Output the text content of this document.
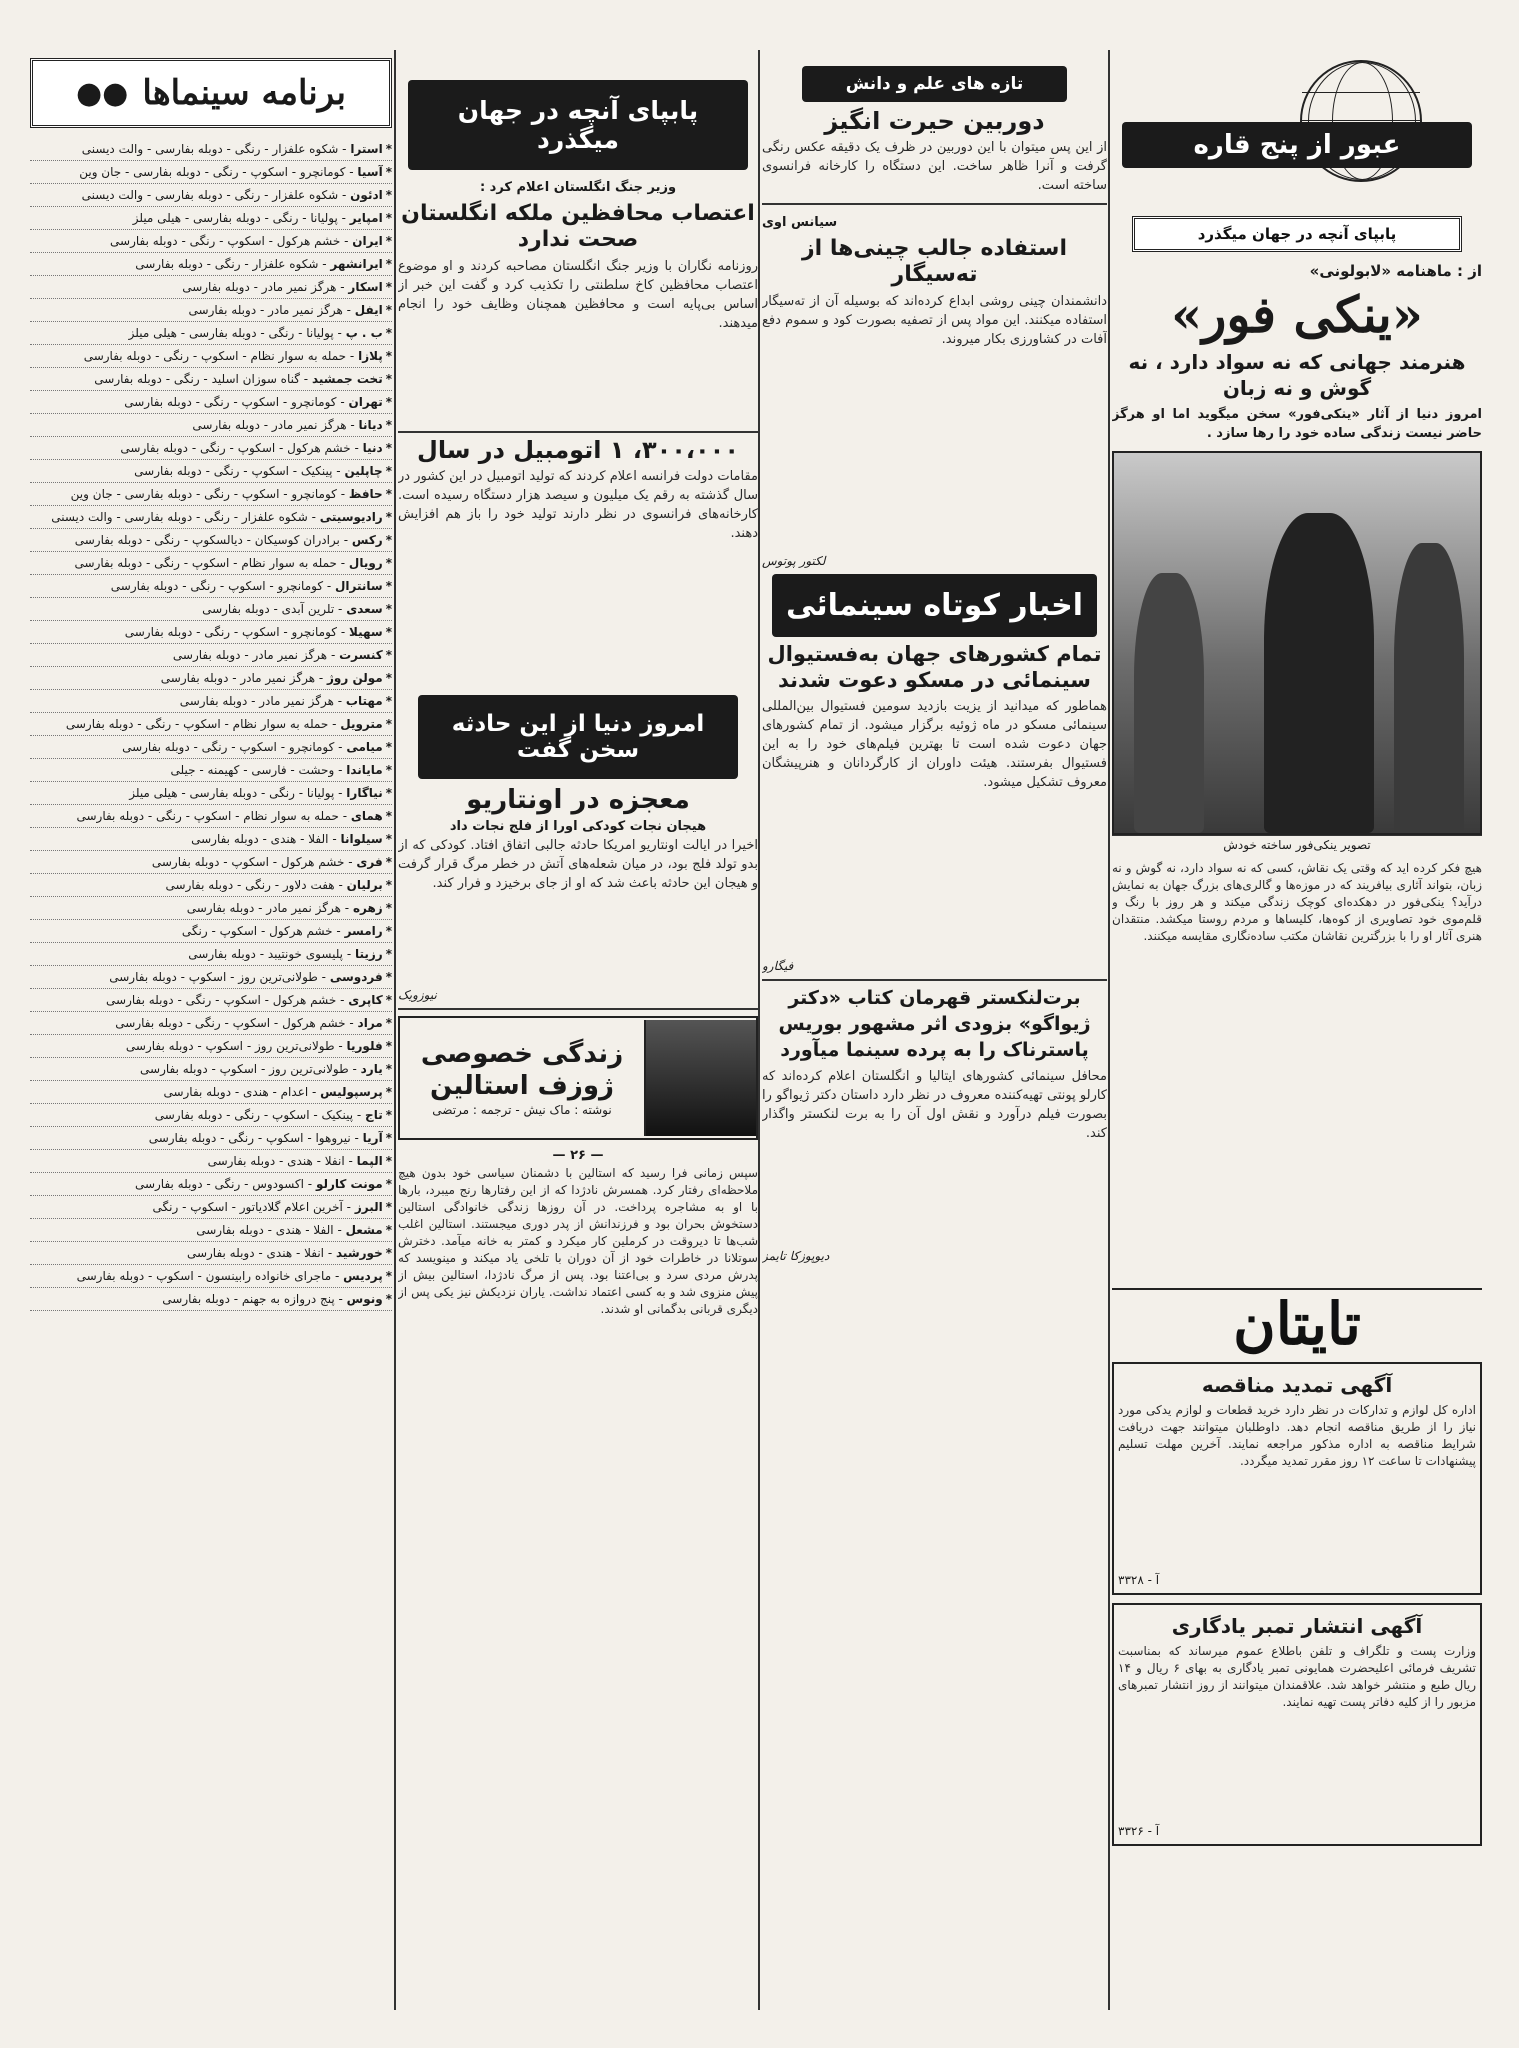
عبور از پنج قاره
پابپای آنچه در جهان میگذرد
از : ماهنامه «لابولونی»
«ینکی فور»
هنرمند جهانی که نه سواد دارد ، نه گوش و نه زبان
امروز دنیا از آثار «ینکی‌فور» سخن میگوید اما او هرگز حاضر نیست زندگی ساده خود را رها سازد .
تصویر ینکی‌فور ساخته خودش
هیچ فکر کرده اید که وقتی یک نقاش، کسی که نه سواد دارد، نه گوش و نه زبان، بتواند آثاری بیافریند که در موزه‌ها و گالری‌های بزرگ جهان به نمایش درآید؟ ینکی‌فور در دهکده‌ای کوچک زندگی میکند و هر روز با رنگ و قلم‌موی خود تصاویری از کوه‌ها، کلیساها و مردم روستا میکشد. منتقدان هنری آثار او را با بزرگترین نقاشان مکتب ساده‌نگاری مقایسه میکنند.
تایتان
آگهی تمدید مناقصه
اداره کل لوازم و تدارکات در نظر دارد خرید قطعات و لوازم یدکی مورد نیاز را از طریق مناقصه انجام دهد. داوطلبان میتوانند جهت دریافت شرایط مناقصه به اداره مذکور مراجعه نمایند. آخرین مهلت تسلیم پیشنهادات تا ساعت ۱۲ روز مقرر تمدید میگردد.
آ - ۳۳۲۸
آگهی انتشار تمبر یادگاری
وزارت پست و تلگراف و تلفن باطلاع عموم میرساند که بمناسبت تشریف فرمائی اعلیحضرت همایونی تمبر یادگاری به بهای ۶ ریال و ۱۴ ریال طبع و منتشر خواهد شد. علاقمندان میتوانند از روز انتشار تمبرهای مزبور را از کلیه دفاتر پست تهیه نمایند.
آ - ۳۳۲۶
تازه های علم و دانش
دوربین حیرت انگیز
از این پس میتوان با این دوربین در ظرف یک دقیقه عکس رنگی گرفت و آنرا ظاهر ساخت. این دستگاه را کارخانه فرانسوی ساخته است.
سیانس اوی
استفاده جالب چینی‌ها از ته‌سیگار
دانشمندان چینی روشی ابداع کرده‌اند که بوسیله آن از ته‌سیگار استفاده میکنند. این مواد پس از تصفیه بصورت کود و سموم دفع آفات در کشاورزی بکار میروند.
لکتور پوتوس
اخبار کوتاه سینمائی
تمام کشورهای جهان به‌فستیوال سینمائی در مسکو دعوت شدند
هماطور که میدانید از یزیت بازدید سومین فستیوال بین‌المللی سینمائی مسکو در ماه ژوئیه برگزار میشود. از تمام کشورهای جهان دعوت شده است تا بهترین فیلم‌های خود را به این فستیوال بفرستند. هیئت داوران از کارگردانان و هنرپیشگان معروف تشکیل میشود.
فیگارو
برت‌لنکستر قهرمان کتاب «دکتر ژیواگو» بزودی اثر مشهور بوریس پاسترناک را به پرده سینما میآورد
محافل سینمائی کشورهای ایتالیا و انگلستان اعلام کرده‌اند که کارلو پونتی تهیه‌کننده معروف در نظر دارد داستان دکتر ژیواگو را بصورت فیلم درآورد و نقش اول آن را به برت لنکستر واگذار کند.
دیوپوزکا تایمز
پابپای آنچه در جهان میگذرد
وزیر جنگ انگلستان اعلام کرد :
اعتصاب محافظین ملکه انگلستان صحت ندارد
روزنامه نگاران با وزیر جنگ انگلستان مصاحبه کردند و او موضوع اعتصاب محافظین کاخ سلطنتی را تکذیب کرد و گفت این خبر از اساس بی‌پایه است و محافظین همچنان وظایف خود را انجام میدهند.
۳۰۰،۰۰۰، ۱ اتومبیل در سال
مقامات دولت فرانسه اعلام کردند که تولید اتومبیل در این کشور در سال گذشته به رقم یک میلیون و سیصد هزار دستگاه رسیده است. کارخانه‌های فرانسوی در نظر دارند تولید خود را باز هم افزایش دهند.
امروز دنیا از این حادثه سخن گفت
معجزه در اونتاریو
هیجان نجات کودکی اورا از فلج نجات داد
اخیرا در ایالت اونتاریو امریکا حادثه جالبی اتفاق افتاد. کودکی که از بدو تولد فلج بود، در میان شعله‌های آتش در خطر مرگ قرار گرفت و هیجان این حادثه باعث شد که او از جای برخیزد و فرار کند.
نیوزویک
زندگی خصوصی ژوزف استالین
نوشته : ماک نیش - ترجمه : مرتضی
— ۲۶ —
سپس زمانی فرا رسید که استالین با دشمنان سیاسی خود بدون هیچ ملاحظه‌ای رفتار کرد. همسرش نادژدا که از این رفتارها رنج میبرد، بارها با او به مشاجره پرداخت. در آن روزها زندگی خانوادگی استالین دستخوش بحران بود و فرزندانش از پدر دوری میجستند. استالین اغلب شب‌ها تا دیروقت در کرملین کار میکرد و کمتر به خانه میآمد. دخترش سوتلانا در خاطرات خود از آن دوران با تلخی یاد میکند و مینویسد که پدرش مردی سرد و بی‌اعتنا بود. پس از مرگ نادژدا، استالین بیش از پیش منزوی شد و به کسی اعتماد نداشت. یاران نزدیکش نیز یکی پس از دیگری قربانی بدگمانی او شدند.
برنامه سینماها
●●
*استرا - شکوه علفزار - رنگی - دوبله بفارسی - والت دیسنی
*آسیا - کومانچرو - اسکوپ - رنگی - دوبله بفارسی - جان وین
*ادئون - شکوه علفزار - رنگی - دوبله بفارسی - والت دیسنی
*امپایر - پولیانا - رنگی - دوبله بفارسی - هیلی میلز
*ایران - خشم هرکول - اسکوپ - رنگی - دوبله بفارسی
*ایرانشهر - شکوه علفزار - رنگی - دوبله بفارسی
*اسکار - هرگز نمیر مادر - دوبله بفارسی
*ایفل - هرگز نمیر مادر - دوبله بفارسی
*ب . پ - پولیانا - رنگی - دوبله بفارسی - هیلی میلز
*پلازا - حمله به سوار نظام - اسکوپ - رنگی - دوبله بفارسی
*تخت جمشید - گناه سوزان اسلید - رنگی - دوبله بفارسی
*تهران - کومانچرو - اسکوپ - رنگی - دوبله بفارسی
*دیانا - هرگز نمیر مادر - دوبله بفارسی
*دنیا - خشم هرکول - اسکوپ - رنگی - دوبله بفارسی
*چاپلین - پینکیک - اسکوپ - رنگی - دوبله بفارسی
*حافظ - کومانچرو - اسکوپ - رنگی - دوبله بفارسی - جان وین
*رادیوسیتی - شکوه علفزار - رنگی - دوبله بفارسی - والت دیسنی
*رکس - برادران کوسیکان - دیالسکوپ - رنگی - دوبله بفارسی
*رویال - حمله به سوار نظام - اسکوپ - رنگی - دوبله بفارسی
*سانترال - کومانچرو - اسکوپ - رنگی - دوبله بفارسی
*سعدی - تلرین آبدی - دوبله بفارسی
*سهیلا - کومانچرو - اسکوپ - رنگی - دوبله بفارسی
*کنسرت - هرگز نمیر مادر - دوبله بفارسی
*مولن روژ - هرگز نمیر مادر - دوبله بفارسی
*مهتاب - هرگز نمیر مادر - دوبله بفارسی
*مترویل - حمله به سوار نظام - اسکوپ - رنگی - دوبله بفارسی
*میامی - کومانچرو - اسکوپ - رنگی - دوبله بفارسی
*مایاندا - وحشت - فارسی - کهیمنه - جیلی
*نیاگارا - پولیانا - رنگی - دوبله بفارسی - هیلی میلز
*همای - حمله به سوار نظام - اسکوپ - رنگی - دوبله بفارسی
*سیلوانا - الفلا - هندی - دوبله بفارسی
*فری - خشم هرکول - اسکوپ - دوبله بفارسی
*برلیان - هفت دلاور - رنگی - دوبله بفارسی
*زهره - هرگز نمیر مادر - دوبله بفارسی
*رامسر - خشم هرکول - اسکوپ - رنگی
*رزیتا - پلیسوی خونتیبد - دوبله بفارسی
*فردوسی - طولانی‌ترین روز - اسکوپ - دوبله بفارسی
*کاپری - خشم هرکول - اسکوپ - رنگی - دوبله بفارسی
*مراد - خشم هرکول - اسکوپ - رنگی - دوبله بفارسی
*فلوریا - طولانی‌ترین روز - اسکوپ - دوبله بفارسی
*یارد - طولانی‌ترین روز - اسکوپ - دوبله بفارسی
*پرسپولیس - اعدام - هندی - دوبله بفارسی
*تاج - پینکیک - اسکوپ - رنگی - دوبله بفارسی
*آریا - نیروهوا - اسکوپ - رنگی - دوبله بفارسی
*الپما - انفلا - هندی - دوبله بفارسی
*مونت کارلو - اکسودوس - رنگی - دوبله بفارسی
*البرز - آخرین اعلام گلادیاتور - اسکوپ - رنگی
*مشعل - الفلا - هندی - دوبله بفارسی
*خورشید - انفلا - هندی - دوبله بفارسی
*پردیس - ماجرای خانواده رابینسون - اسکوپ - دوبله بفارسی
*ونوس - پنج دروازه به جهنم - دوبله بفارسی
